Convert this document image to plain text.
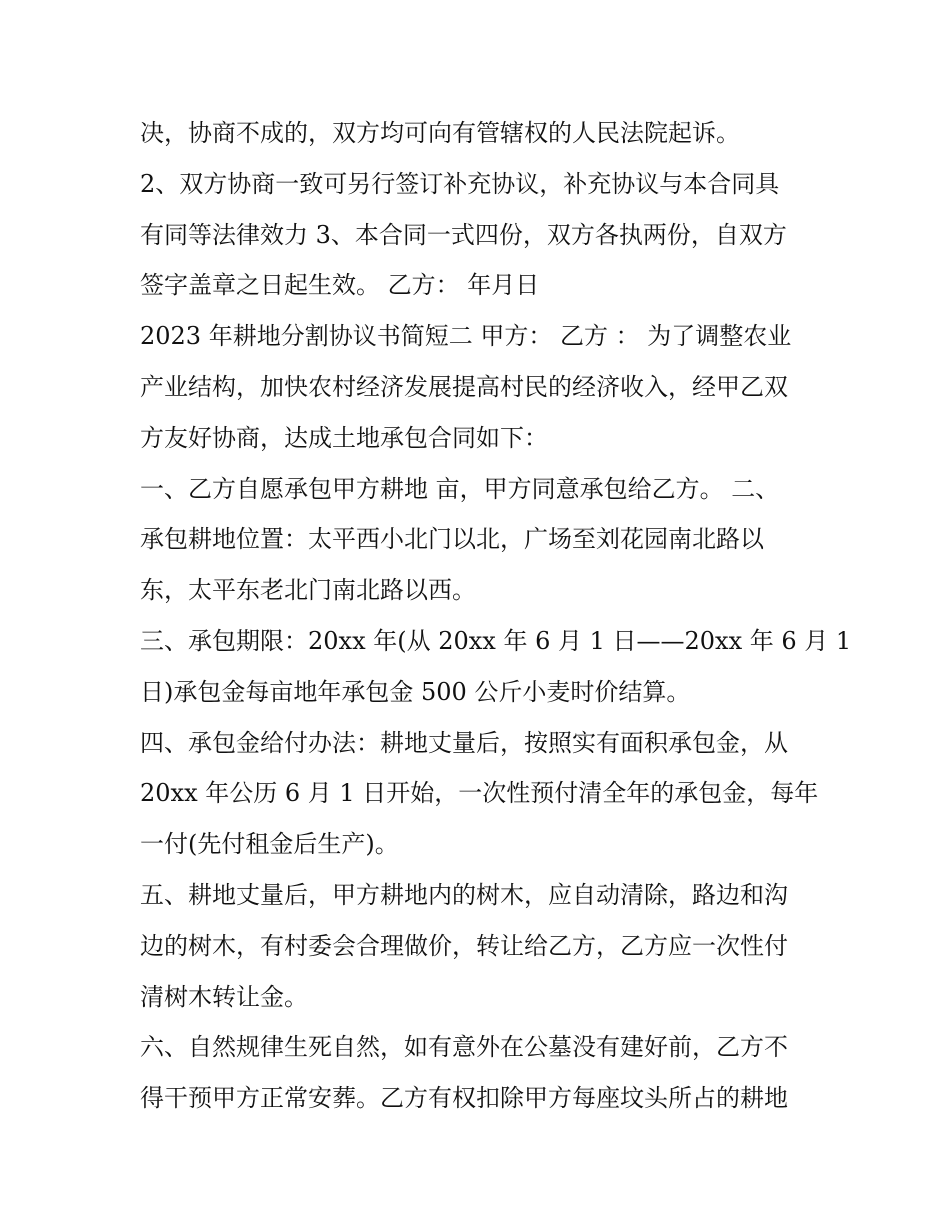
决，协商不成的，双方均可向有管辖权的人民法院起诉。
2、双方协商一致可另行签订补充协议，补充协议与本合同具
有同等法律效力 3、本合同一式四份，双方各执两份，自双方
签字盖章之日起生效。 乙方： 年月日
2023 年耕地分割协议书简短二 甲方： 乙方 ： 为了调整农业
产业结构，加快农村经济发展提高村民的经济收入，经甲乙双
方友好协商，达成土地承包合同如下：
一、乙方自愿承包甲方耕地 亩，甲方同意承包给乙方。 二、
承包耕地位置：太平西小北门以北，广场至刘花园南北路以
东，太平东老北门南北路以西。
三、承包期限：20xx 年(从 20xx 年 6 月 1 日——20xx 年 6 月 1
日)承包金每亩地年承包金 500 公斤小麦时价结算。
四、承包金给付办法：耕地丈量后，按照实有面积承包金，从
20xx 年公历 6 月 1 日开始，一次性预付清全年的承包金，每年
一付(先付租金后生产)。
五、耕地丈量后，甲方耕地内的树木，应自动清除，路边和沟
边的树木，有村委会合理做价，转让给乙方，乙方应一次性付
清树木转让金。
六、自然规律生死自然，如有意外在公墓没有建好前，乙方不
得干预甲方正常安葬。乙方有权扣除甲方每座坟头所占的耕地
